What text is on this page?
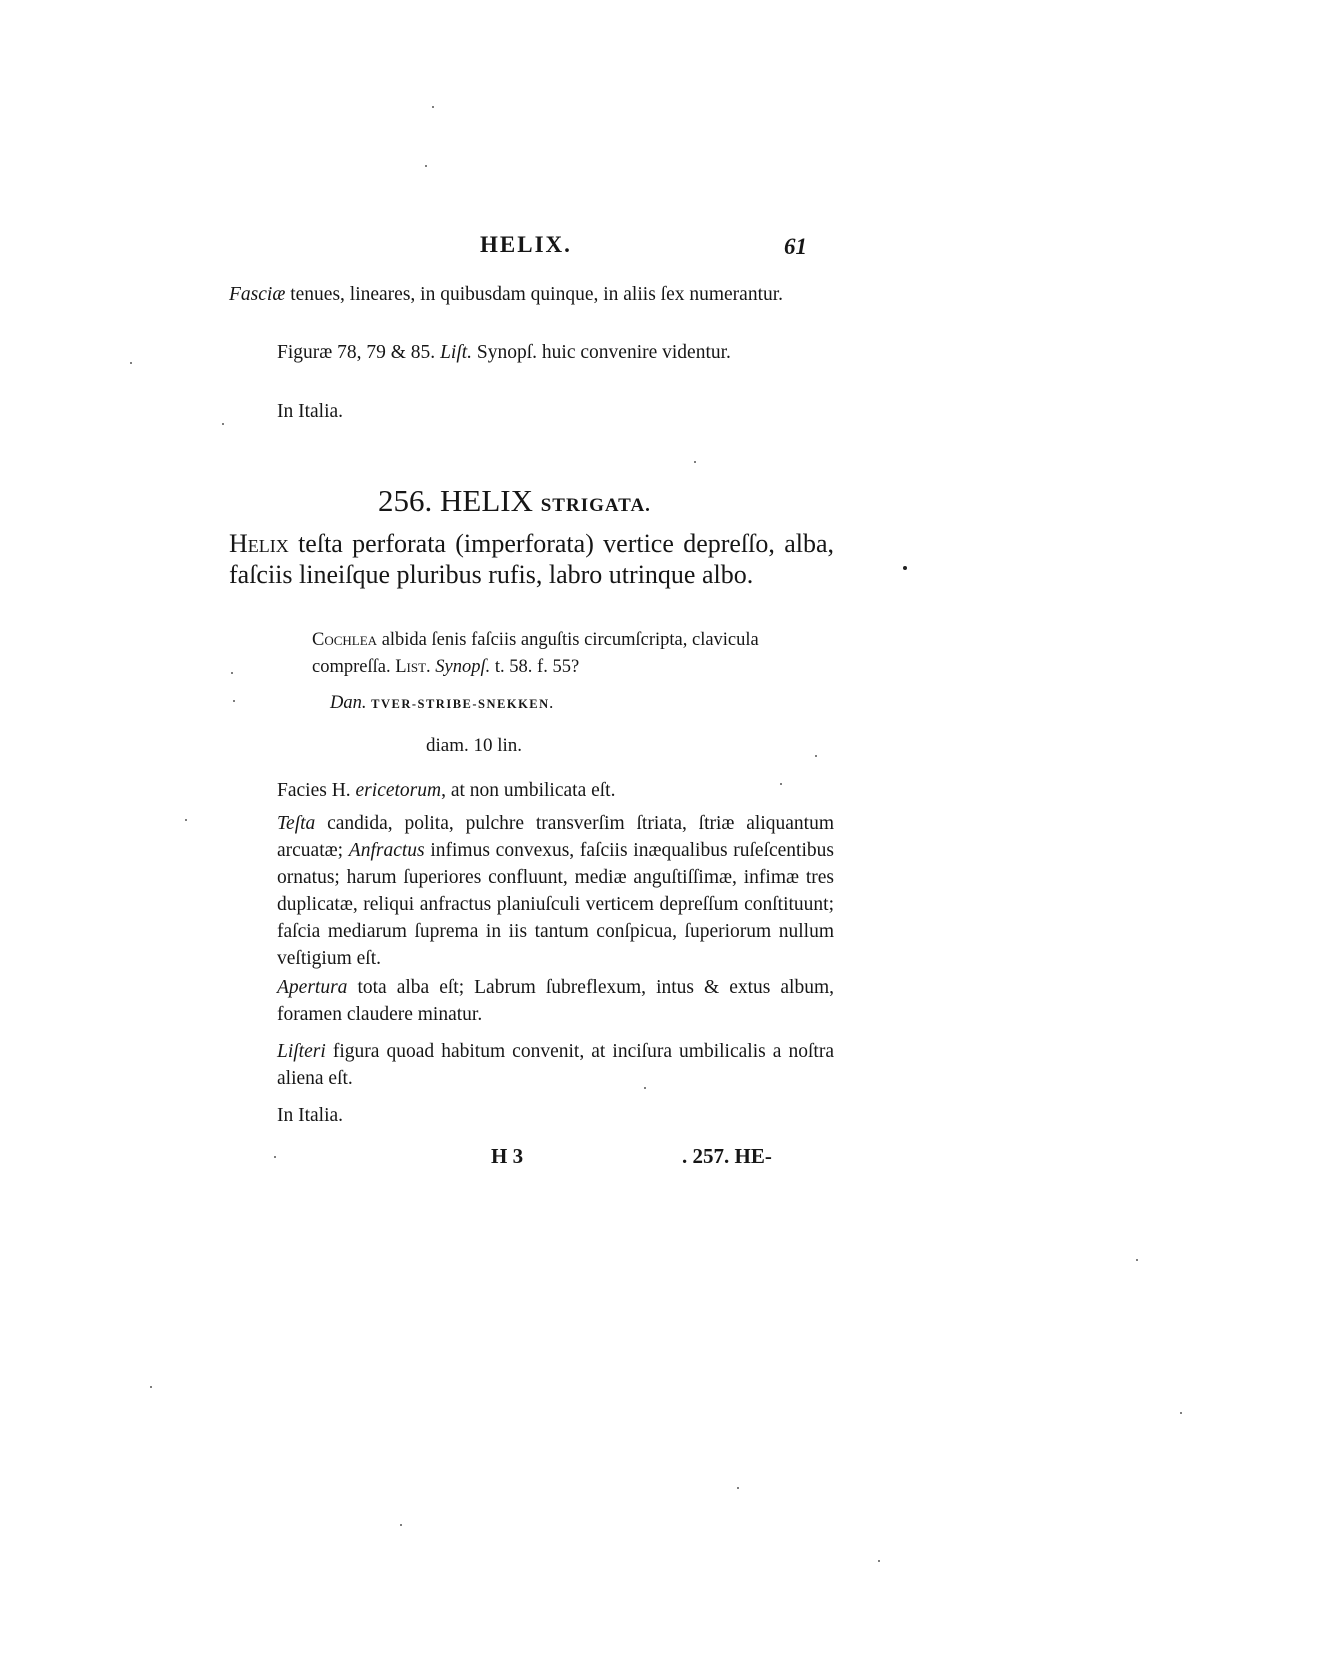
HELIX.	61

Fasciæ tenues, lineares, in quibusdam quinque, in aliis ſex numerantur.

Figuræ 78, 79 & 85. Liſt. Synopſ. huic convenire videntur.

In Italia.
256. HELIX STRIGATA.
Helix teſta perforata (imperforata) vertice depreſſo, alba, faſciis lineiſque pluribus rufis, labro utrinque albo.
Cochlea albida ſenis faſciis anguſtis circumſcripta, clavicula compreſſa. List. Synopſ. t. 58. f. 55?
Dan. TVER-STRIBE-SNEKKEN.
diam. 10 lin.

Facies H. ericetorum, at non umbilicata eſt.

Teſta candida, polita, pulchre transverſim ſtriata, ſtriæ aliquantum arcuatæ; Anfractus infimus convexus, faſciis inæqualibus ruſeſcentibus ornatus; harum ſuperiores confluunt, mediæ anguſtiſſimæ, infimæ tres duplicatæ, reliqui anfractus planiuſculi verticem depreſſum conſtituunt; faſcia mediarum ſuprema in iis tantum conſpicua, ſuperiorum nullum veſtigium eſt.

Apertura tota alba eſt; Labrum ſubreflexum, intus & extus album, foramen claudere minatur.

Liſteri figura quoad habitum convenit, at inciſura umbilicalis a noſtra aliena eſt.

In Italia.
H 3	. 257. HE-
